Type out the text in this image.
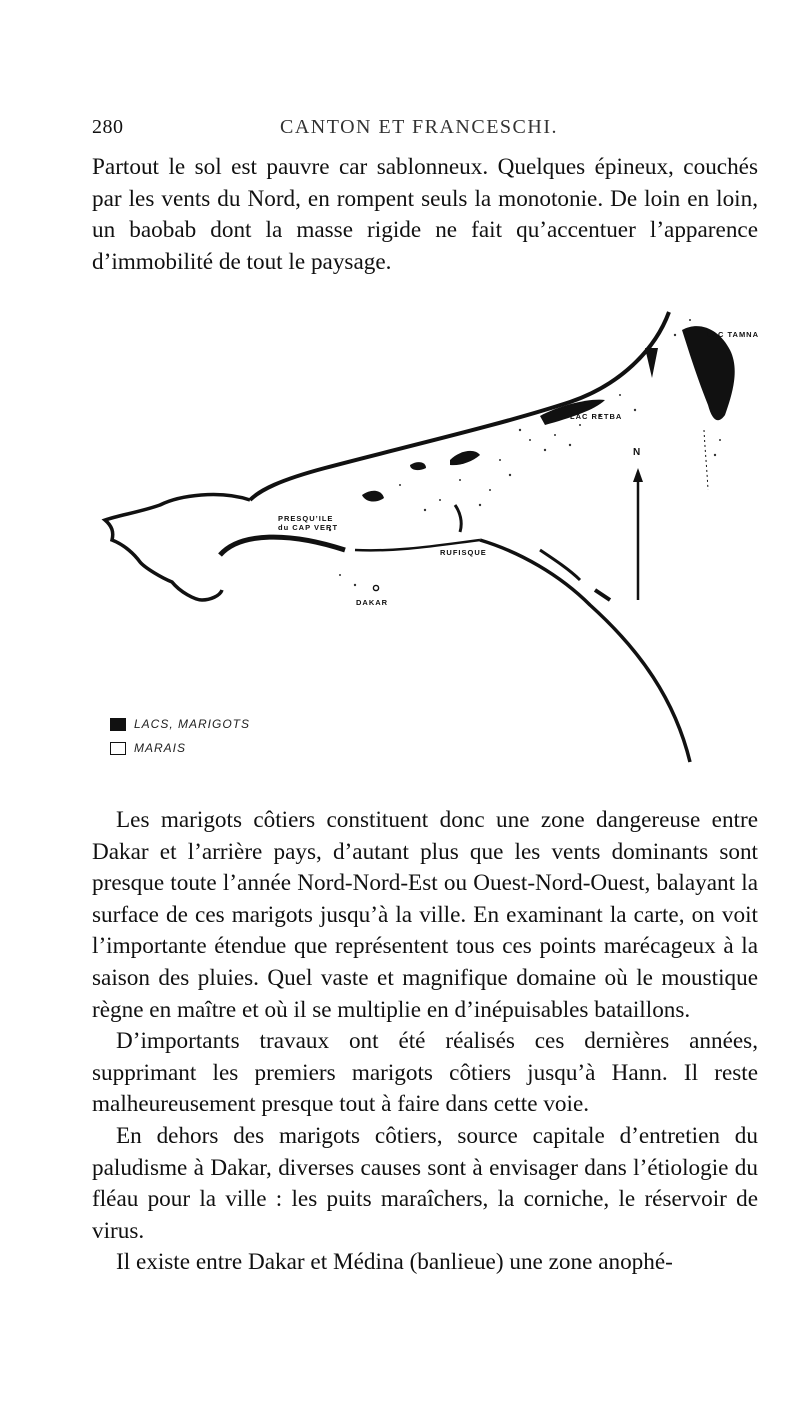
280	CANTON ET FRANCESCHI.

Partout le sol est pauvre car sablonneux. Quelques épineux, couchés par les vents du Nord, en rompent seuls la monotonie. De loin en loin, un baobab dont la masse rigide ne fait qu’accentuer l’apparence d’immobilité de tout le paysage.

LAC TAMNA
LAC RETBA
PRESQU’ILE
du CAP VERT
RUFISQUE
DAKAR
N
LACS, MARIGOTS
MARAIS

Les marigots côtiers constituent donc une zone dangereuse entre Dakar et l’arrière pays, d’autant plus que les vents dominants sont presque toute l’année Nord-Nord-Est ou Ouest-Nord-Ouest, balayant la surface de ces marigots jusqu’à la ville. En examinant la carte, on voit l’importante étendue que représentent tous ces points marécageux à la saison des pluies. Quel vaste et magnifique domaine où le moustique règne en maître et où il se multiplie en d’inépuisables bataillons.

D’importants travaux ont été réalisés ces dernières années, supprimant les premiers marigots côtiers jusqu’à Hann. Il reste malheureusement presque tout à faire dans cette voie.

En dehors des marigots côtiers, source capitale d’entretien du paludisme à Dakar, diverses causes sont à envisager dans l’étiologie du fléau pour la ville : les puits maraîchers, la corniche, le réservoir de virus.

Il existe entre Dakar et Médina (banlieue) une zone anophé-
